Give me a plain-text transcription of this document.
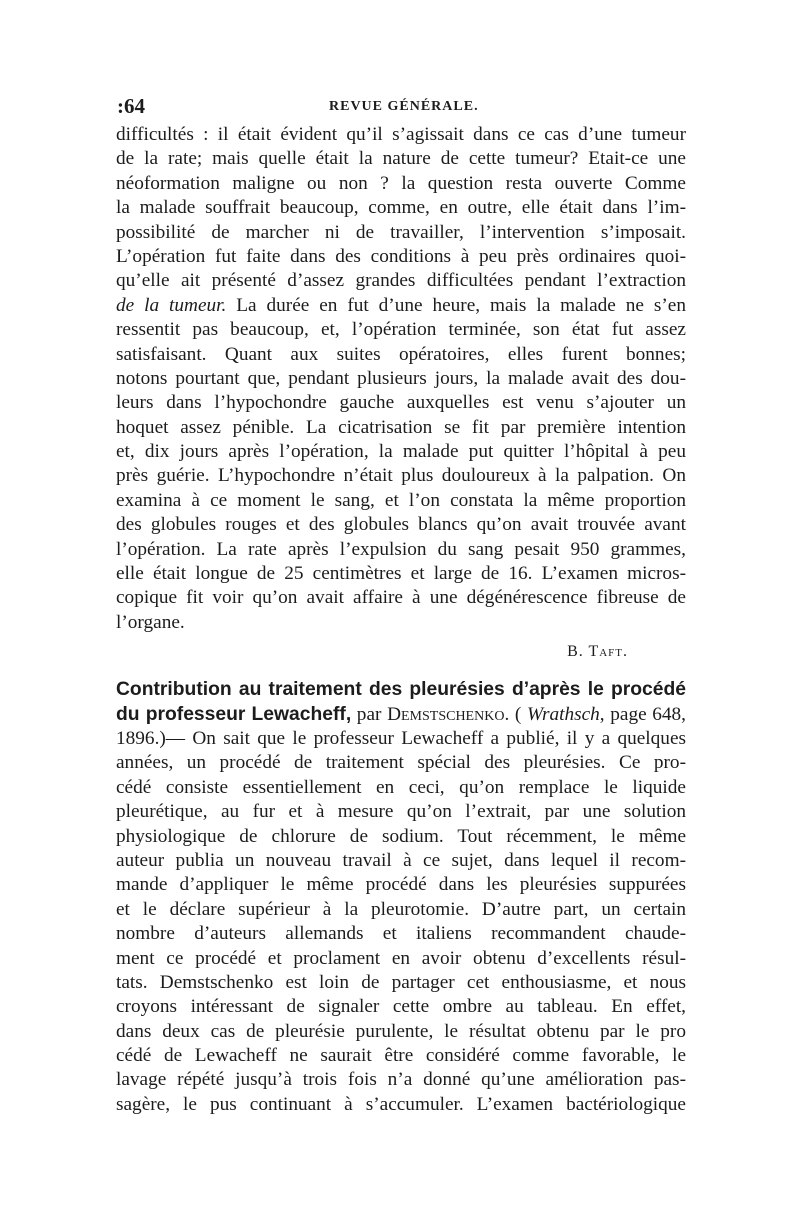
:64	REVUE GÉNÉRALE.
difficultés : il était évident qu’il s’agissait dans ce cas d’une tumeur
de la rate; mais quelle était la nature de cette tumeur? Etait-ce une
néoformation maligne ou non ? la question resta ouverte Comme
la malade souffrait beaucoup, comme, en outre, elle était dans l’im-
possibilité de marcher ni de travailler, l’intervention s’imposait.
L’opération fut faite dans des conditions à peu près ordinaires quoi-
qu’elle ait présenté d’assez grandes difficultées pendant l’extraction
de la tumeur. La durée en fut d’une heure, mais la malade ne s’en
ressentit pas beaucoup, et, l’opération terminée, son état fut assez
satisfaisant. Quant aux suites opératoires, elles furent bonnes;
notons pourtant que, pendant plusieurs jours, la malade avait des dou-
leurs dans l’hypochondre gauche auxquelles est venu s’ajouter un
hoquet assez pénible. La cicatrisation se fit par première intention
et, dix jours après l’opération, la malade put quitter l’hôpital à peu
près guérie. L’hypochondre n’était plus douloureux à la palpation. On
examina à ce moment le sang, et l’on constata la même proportion
des globules rouges et des globules blancs qu’on avait trouvée avant
l’opération. La rate après l’expulsion du sang pesait 950 grammes,
elle était longue de 25 centimètres et large de 16. L’examen micros-
copique fit voir qu’on avait affaire à une dégénérescence fibreuse de
l’organe.
B. Taft.
Contribution au traitement des pleurésies d’après le procédé
du professeur Lewacheff, par Demstschenko. ( Wrathsch, page 648,
1896.)— On sait que le professeur Lewacheff a publié, il y a quelques
années, un procédé de traitement spécial des pleurésies. Ce pro-
cédé consiste essentiellement en ceci, qu’on remplace le liquide
pleurétique, au fur et à mesure qu’on l’extrait, par une solution
physiologique de chlorure de sodium. Tout récemment, le même
auteur publia un nouveau travail à ce sujet, dans lequel il recom-
mande d’appliquer le même procédé dans les pleurésies suppurées
et le déclare supérieur à la pleurotomie. D’autre part, un certain
nombre d’auteurs allemands et italiens recommandent chaude-
ment ce procédé et proclament en avoir obtenu d’excellents résul-
tats. Demstschenko est loin de partager cet enthousiasme, et nous
croyons intéressant de signaler cette ombre au tableau. En effet,
dans deux cas de pleurésie purulente, le résultat obtenu par le pro
cédé de Lewacheff ne saurait être considéré comme favorable, le
lavage répété jusqu’à trois fois n’a donné qu’une amélioration pas-
sagère, le pus continuant à s’accumuler. L’examen bactériologique
